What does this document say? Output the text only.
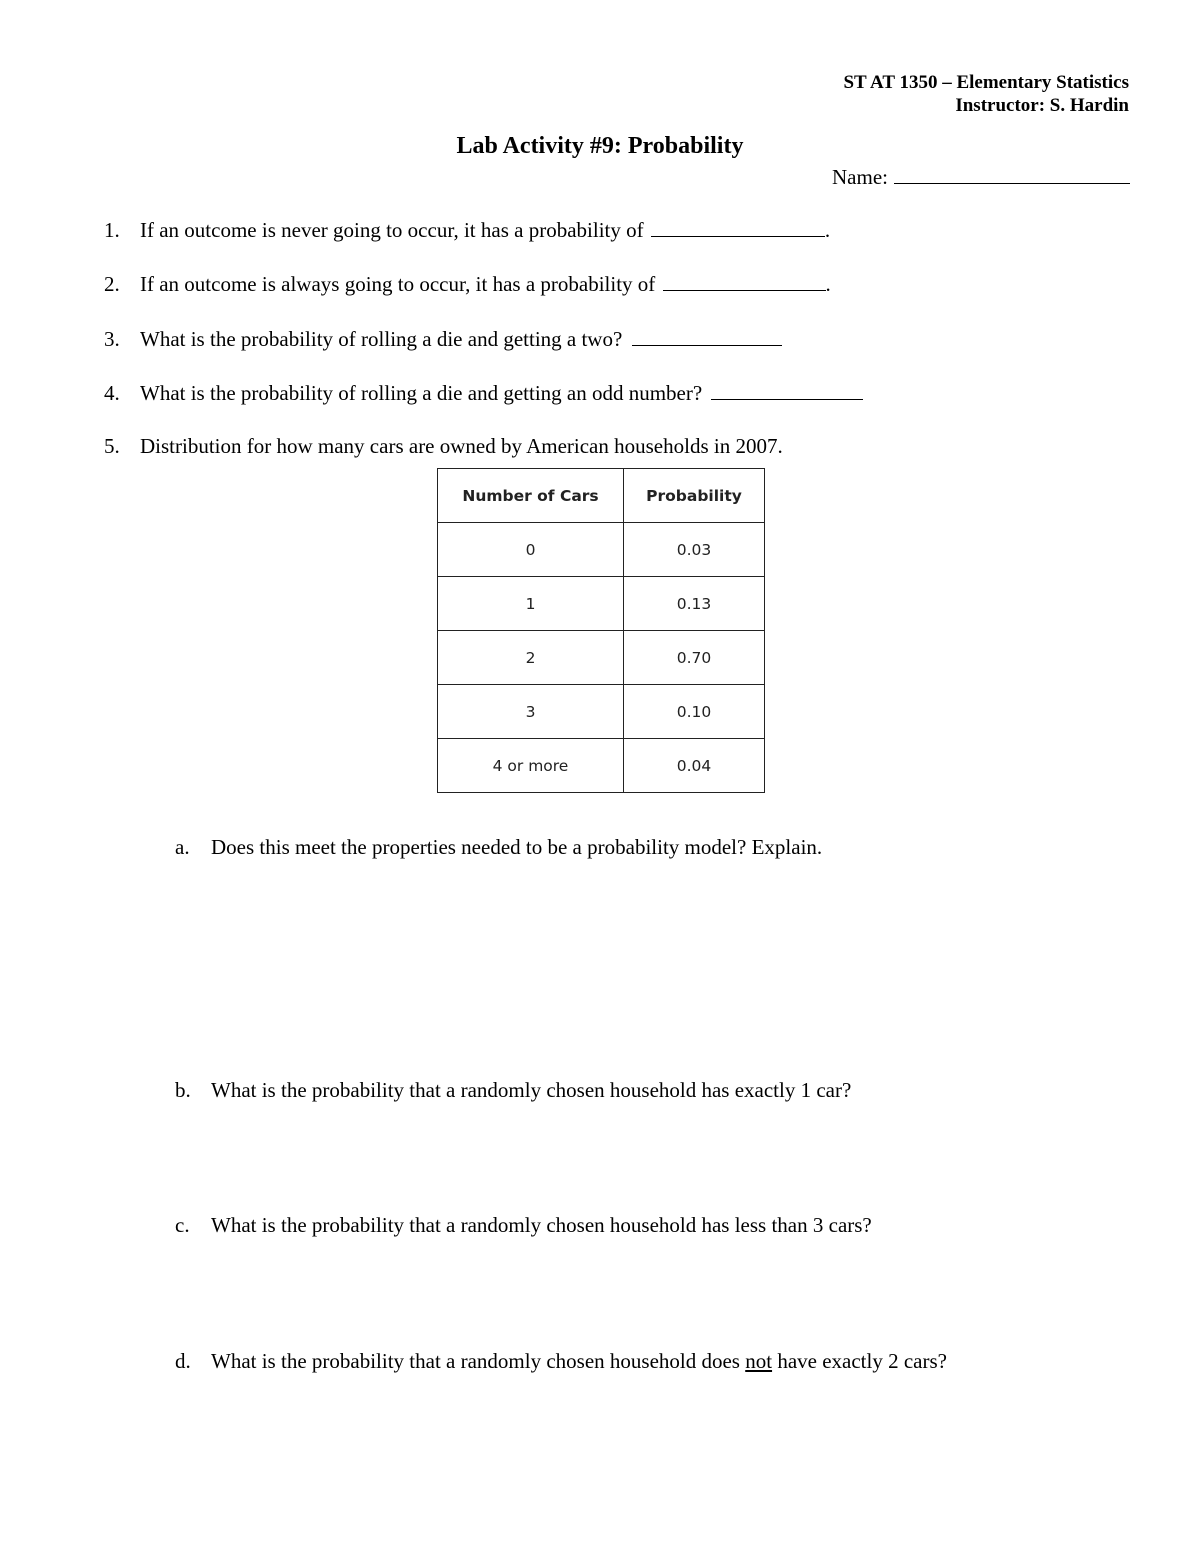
ST AT 1350 – Elementary Statistics
Instructor: S. Hardin
Lab Activity #9: Probability
Name:
1. If an outcome is never going to occur, it has a probability of	.
2. If an outcome is always going to occur, it has a probability of	.
3. What is the probability of rolling a die and getting a two?
4. What is the probability of rolling a die and getting an odd number?
5. Distribution for how many cars are owned by American households in 2007.
Number of Cars	Probability
0	0.03
1	0.13
2	0.70
3	0.10
4 or more	0.04
a. Does this meet the properties needed to be a probability model? Explain.
b. What is the probability that a randomly chosen household has exactly 1 car?
c. What is the probability that a randomly chosen household has less than 3 cars?
d. What is the probability that a randomly chosen household does not have exactly 2 cars?
